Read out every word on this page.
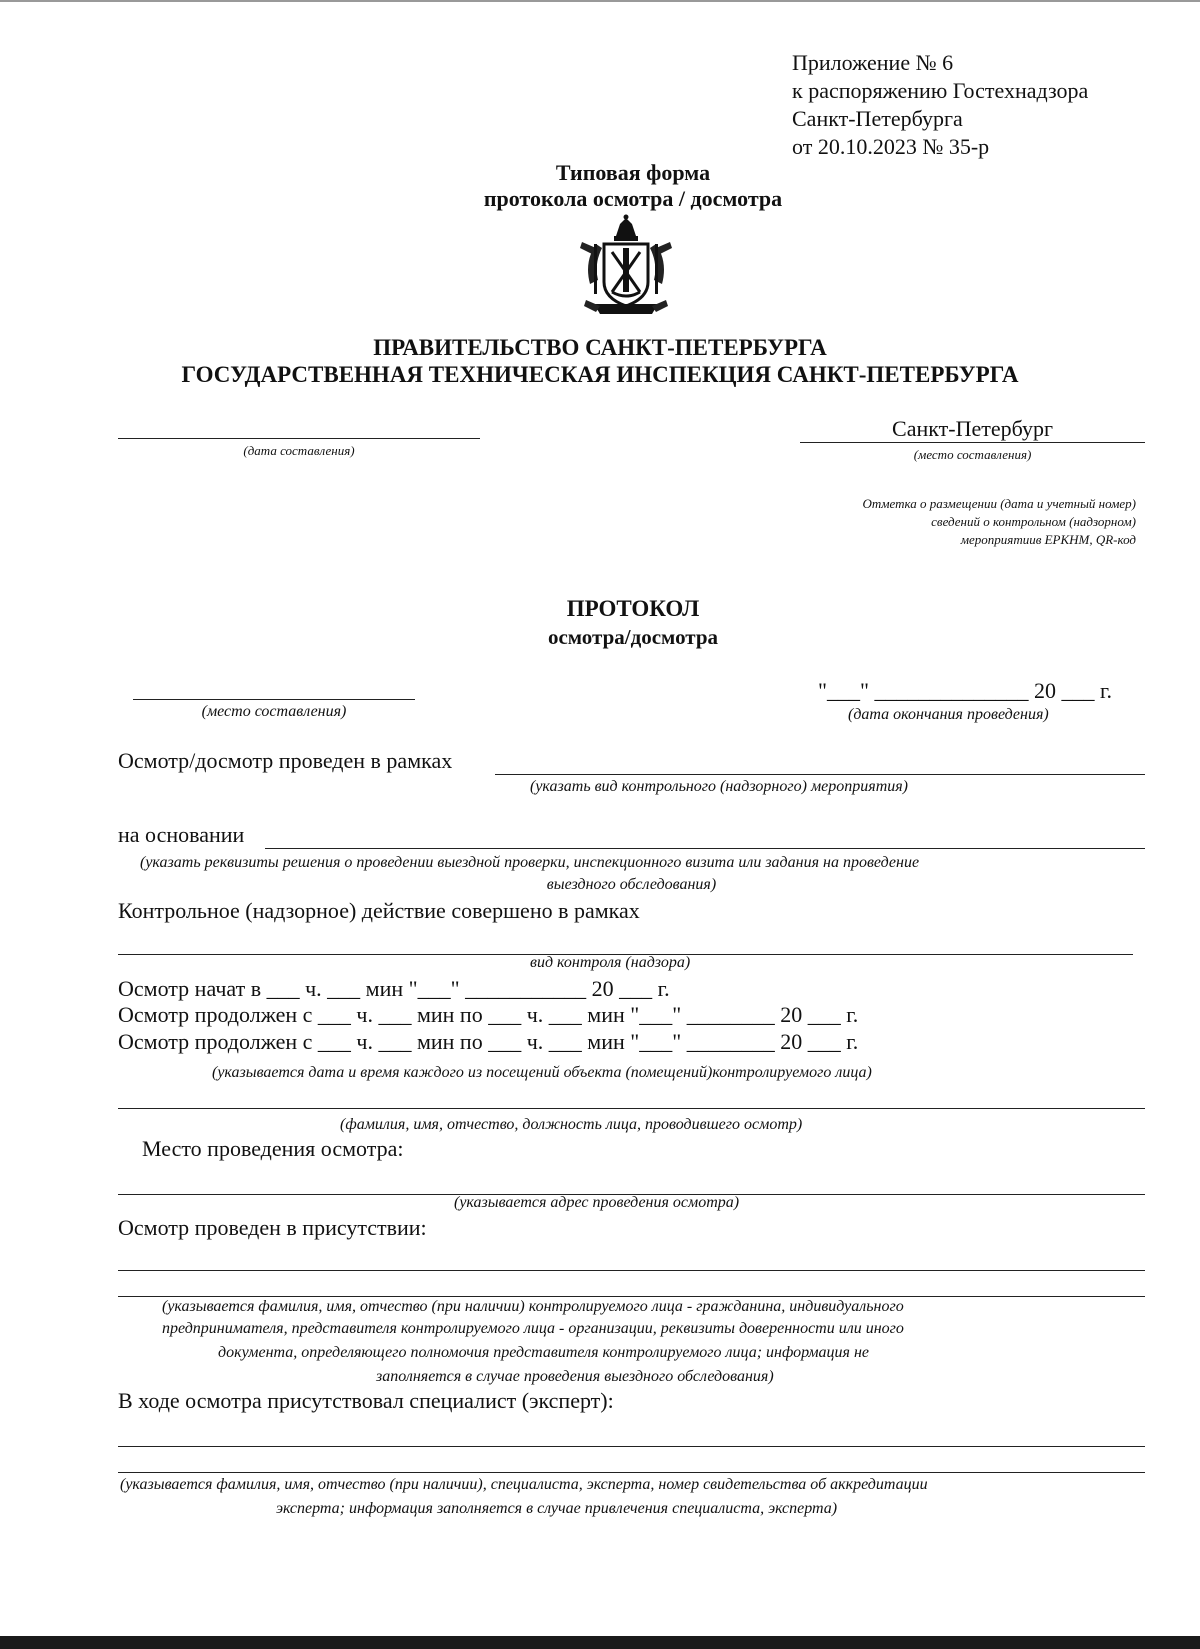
Приложение № 6
к распоряжению Гостехнадзора
Санкт-Петербурга
от 20.10.2023 № 35-р
Типовая форма
протокола осмотра / досмотра
ПРАВИТЕЛЬСТВО САНКТ-ПЕТЕРБУРГА
ГОСУДАРСТВЕННАЯ ТЕХНИЧЕСКАЯ ИНСПЕКЦИЯ САНКТ-ПЕТЕРБУРГА
(дата составления)
Санкт-Петербург
(место составления)
Отметка о размещении (дата и учетный номер)
сведений о контрольном (надзорном)
мероприятиив ЕРКНМ, QR-код
ПРОТОКОЛ
осмотра/досмотра
(место составления)
"___" ______________ 20 ___ г.
(дата окончания проведения)
Осмотр/досмотр проведен в рамках
(указать вид контрольного (надзорного) мероприятия)
на основании
(указать реквизиты решения о проведении выездной проверки, инспекционного визита или задания на проведение
выездного обследования)
Контрольное (надзорное) действие совершено в рамках
вид контроля (надзора)
Осмотр начат в ___ ч. ___ мин "___" ___________ 20 ___ г.
Осмотр продолжен с ___ ч. ___ мин по ___ ч. ___ мин "___" ________ 20 ___ г.
Осмотр продолжен с ___ ч. ___ мин по ___ ч. ___ мин "___" ________ 20 ___ г.
(указывается дата и время каждого из посещений объекта (помещений)контролируемого лица)
(фамилия, имя, отчество, должность лица, проводившего осмотр)
Место проведения осмотра:
(указывается адрес проведения осмотра)
Осмотр проведен в присутствии:
(указывается фамилия, имя, отчество (при наличии) контролируемого лица - гражданина, индивидуального
предпринимателя, представителя контролируемого лица - организации, реквизиты доверенности или иного
документа, определяющего полномочия представителя контролируемого лица; информация не
заполняется в случае проведения выездного обследования)
В ходе осмотра присутствовал специалист (эксперт):
(указывается фамилия, имя, отчество (при наличии), специалиста, эксперта, номер свидетельства об аккредитации
эксперта; информация заполняется в случае привлечения специалиста, эксперта)
